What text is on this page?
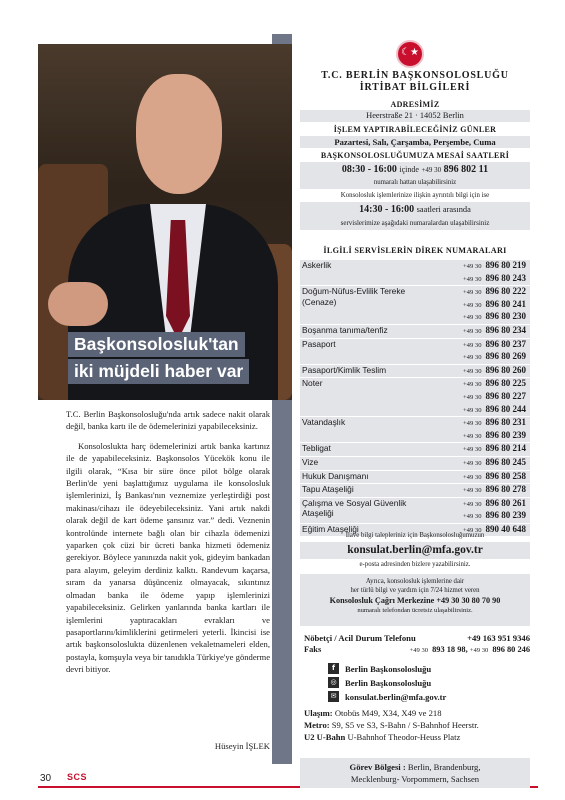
Başkonsolosluk'tan
iki müjdeli haber var

T.C. Berlin Başkonsolosluğu'nda artık sadece nakit olarak değil, banka kartı ile de ödemelerinizi yapabileceksiniz.

Konsoloslukta harç ödemelerinizi artık banka kartınız ile de yapabileceksiniz. Başkonsolos Yücekök konu ile ilgili olarak, “Kısa bir süre önce pilot bölge olarak Berlin'de yeni başlattığımız uygulama ile konsolosluk işlemlerinizi, İş Bankası'nın veznemize yerleştirdiği post makinası/cihazı ile ödeyebileceksiniz. Yani artık nakdi olarak değil de kart ödeme şansınız var.” dedi. Veznenin kontrolünde internete bağlı olan bir cihazla ödemenizi yaparken çok cüzi bir ücreti banka hizmeti ödemeniz gerekiyor. Böylece yanınızda nakit yok, gideyim bankadan para alayım, geleyim derdiniz kalktı. Randevum kaçarsa, sıram da yanarsa düşünceniz olmayacak, sıkıntınız olmadan banka ile ödeme yapıp işlemlerinizi yapabileceksiniz. Gelirken yanlarında banka kartları ile işlemlerini yaptıracakları evrakları ve pasaportlarını/kimliklerini getirmeleri yeterli. İkincisi ise artık başkonsoloslukta düzenlenen vekaletnameleri elden, postayla, komşuyla veya bir tanıdıkla Türkiye'ye gönderme devri bitiyor.

Hüseyin İŞLEK
30 SCS
☾★
T.C. BERLİN BAŞKONSOLOSLUĞU
İRTİBAT BİLGİLERİ
ADRESİMİZ
Heerstraße 21 · 14052 Berlin
İŞLEM YAPTIRABİLECEĞİNİZ GÜNLER
Pazartesi, Salı, Çarşamba, Perşembe, Cuma
BAŞKONSOLOSLUĞUMUZA MESAİ SAATLERİ
08:30 - 16:00 içinde +49 30 896 802 11
numaralı hattan ulaşabilirsiniz
Konsolosluk işlemlerinize ilişkin ayrıntılı bilgi için ise
14:30 - 16:00 saatleri arasında
servislerimize aşağıdaki numaralardan ulaşabilirsiniz
İLGİLİ SERVİSLERİN DİREK NUMARALARI
Askerlik	+49 30 896 80 219
+49 30 896 80 243
Doğum-Nüfus-Evlilik Tereke (Cenaze)
+49 30 896 80 222
+49 30 896 80 241
+49 30 896 80 230
Boşanma tanıma/tenfiz	+49 30 896 80 234
Pasaport	+49 30 896 80 237
+49 30 896 80 269
Pasaport/Kimlik Teslim	+49 30 896 80 260
Noter	+49 30 896 80 225
+49 30 896 80 227
+49 30 896 80 244
Vatandaşlık	+49 30 896 80 231
+49 30 896 80 239
Tebligat	+49 30 896 80 214
Vize	+49 30 896 80 245
Hukuk Danışmanı	+49 30 896 80 258
Tapu Ataşeliği	+49 30 896 80 278
Çalışma ve Sosyal Güvenlik Ataşeliği
+49 30 896 80 261
+49 30 896 80 239
Eğitim Ataşeliği	+49 30 890 40 648
İlave bilgi talepleriniz için Başkonsolosluğumuzun
konsulat.berlin@mfa.gov.tr
e-posta adresinden bizlere yazabilirsiniz.
Ayrıca, konsolosluk işlemlerine dair
her türlü bilgi ve yardım için 7/24 hizmet veren
Konsolosluk Çağrı Merkezine +49 30 30 80 70 90
numaralı telefondan ücretsiz ulaşabilirsiniz.
Nöbetçi / Acil Durum Telefonu	+49 163 951 9346
Faks	+49 30 893 18 98, +49 30 896 80 246
f	Berlin Başkonsolosluğu
◎ Berlin Başkonsolosluğu
✉ konsulat.berlin@mfa.gov.tr
Ulaşım: Otobüs M49, X34, X49 ve 218
Metro: S9, S5 ve S3, S-Bahn / S-Bahnhof Heerstr.
U2 U-Bahn U-Bahnhof Theodor-Heuss Platz
Görev Bölgesi : Berlin, Brandenburg,
Mecklenburg- Vorpommern, Sachsen
